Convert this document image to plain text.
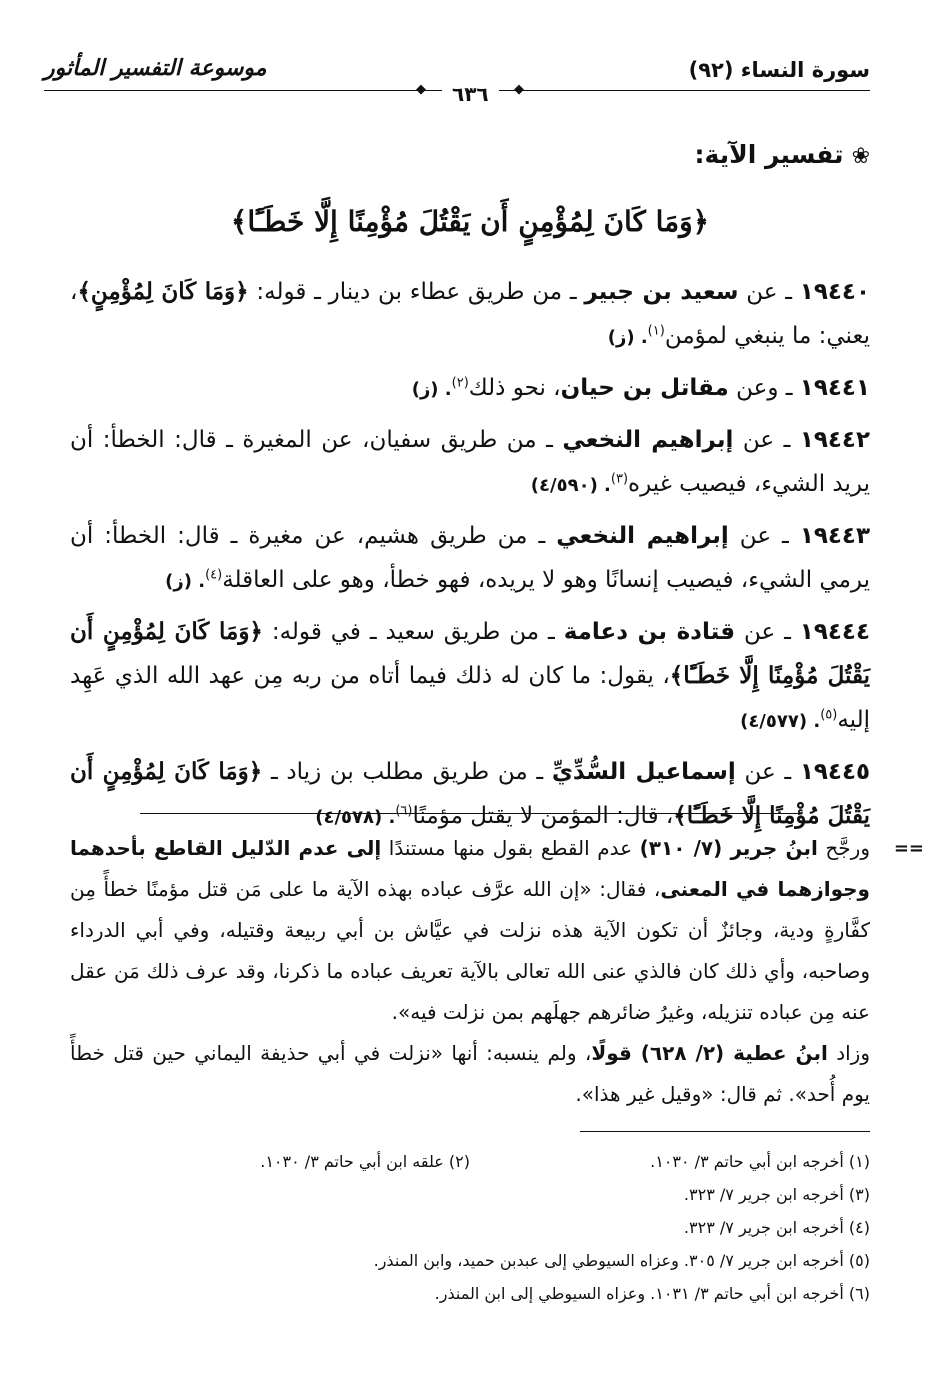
سورة النساء (٩٢)
موسوعة التفسير المأثور
◆	◆
٦٣٦
❀تفسير الآية:
﴿وَمَا كَانَ لِمُؤْمِنٍ أَن يَقْتُلَ مُؤْمِنًا إِلَّا خَطَـًٔا﴾

١٩٤٤٠ ـ عن سعيد بن جبير ـ من طريق عطاء بن دينار ـ قوله: ﴿وَمَا كَانَ لِمُؤْمِنٍ﴾، يعني: ما ينبغي لمؤمن$^{(١)}$. (ز)

١٩٤٤١ ـ وعن مقاتل بن حيان، نحو ذلك$^{(٢)}$. (ز)

١٩٤٤٢ ـ عن إبراهيم النخعي ـ من طريق سفيان، عن المغيرة ـ قال: الخطأ: أن يريد الشيء، فيصيب غيره$^{(٣)}$. (٤/٥٩٠)

١٩٤٤٣ ـ عن إبراهيم النخعي ـ من طريق هشيم، عن مغيرة ـ قال: الخطأ: أن يرمي الشيء، فيصيب إنسانًا وهو لا يريده، فهو خطأ، وهو على العاقلة$^{(٤)}$. (ز)

١٩٤٤٤ ـ عن قتادة بن دعامة ـ من طريق سعيد ـ في قوله: ﴿وَمَا كَانَ لِمُؤْمِنٍ أَن يَقْتُلَ مُؤْمِنًا إِلَّا خَطَـًٔا﴾، يقول: ما كان له ذلك فيما أتاه من ربه مِن عهد الله الذي عَهِد إليه$^{(٥)}$. (٤/٥٧٧)

١٩٤٤٥ ـ عن إسماعيل السُّدِّيِّ ـ من طريق مطلب بن زياد ـ ﴿وَمَا كَانَ لِمُؤْمِنٍ أَن يَقْتُلَ مُؤْمِنًا إِلَّا خَطَـًٔا﴾، قال: المؤمن لا يقتل مؤمنًا$^{(٦)}$. (٤/٥٧٨)

==

ورجَّح ابنُ جرير (٧/ ٣١٠) عدم القطع بقول منها مستندًا إلى عدم الدّليل القاطع بأحدهما وجوازهما في المعنى، فقال: «إن الله عرَّف عباده بهذه الآية ما على مَن قتل مؤمنًا خطأً مِن كفَّارةٍ ودية، وجائزٌ أن تكون الآية هذه نزلت في عيَّاش بن أبي ربيعة وقتيله، وفي أبي الدرداء وصاحبه، وأي ذلك كان فالذي عنى الله تعالى بالآية تعريف عباده ما ذكرنا، وقد عرف ذلك مَن عقل عنه مِن عباده تنزيله، وغيرُ ضائرهم جهلَهم بمن نزلت فيه».

وزاد ابنُ عطية (٢/ ٦٢٨) قولًا، ولم ينسبه: أنها «نزلت في أبي حذيفة اليماني حين قتل خطأً يوم أُحد». ثم قال: «وقيل غير هذا».

(١) أخرجه ابن أبي حاتم ٣/ ١٠٣٠.
(٢) علقه ابن أبي حاتم ٣/ ١٠٣٠.
(٣) أخرجه ابن جرير ٧/ ٣٢٣.
(٤) أخرجه ابن جرير ٧/ ٣٢٣.
(٥) أخرجه ابن جرير ٧/ ٣٠٥. وعزاه السيوطي إلى عبدبن حميد، وابن المنذر.
(٦) أخرجه ابن أبي حاتم ٣/ ١٠٣١. وعزاه السيوطي إلى ابن المنذر.
